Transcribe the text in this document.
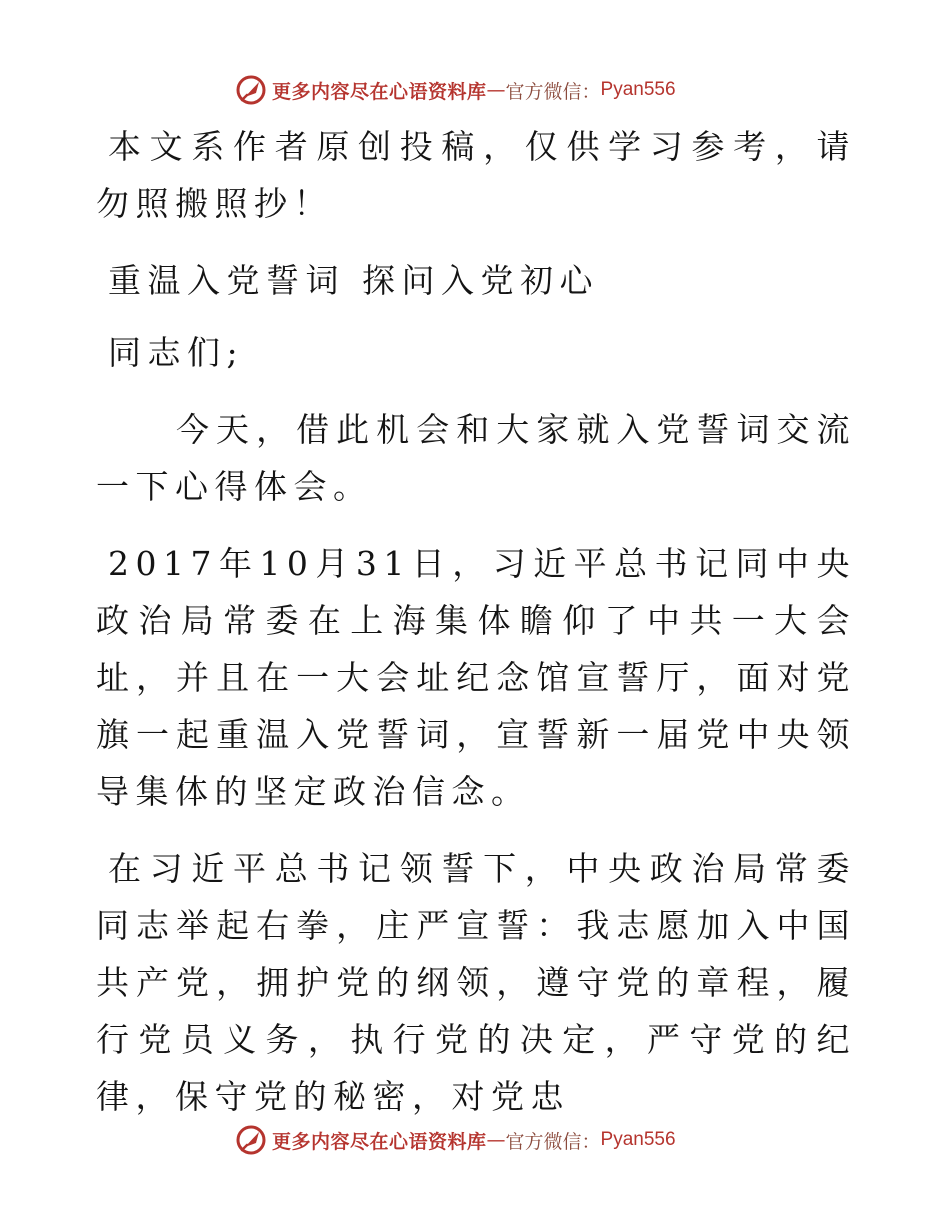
更多内容尽在心语资料库 — 官方微信： Pyan556

本文系作者原创投稿，仅供学习参考，请勿照搬照抄！

重温入党誓词 探问入党初心

同志们;

今天，借此机会和大家就入党誓词交流一下心得体会。

2017年10月31日，习近平总书记同中央政治局常委在上海集体瞻仰了中共一大会址，并且在一大会址纪念馆宣誓厅，面对党旗一起重温入党誓词，宣誓新一届党中央领导集体的坚定政治信念。

在习近平总书记领誓下，中央政治局常委同志举起右拳，庄严宣誓：我志愿加入中国共产党，拥护党的纲领，遵守党的章程，履行党员义务，执行党的决定，严守党的纪律，保守党的秘密，对党忠

更多内容尽在心语资料库 — 官方微信： Pyan556
